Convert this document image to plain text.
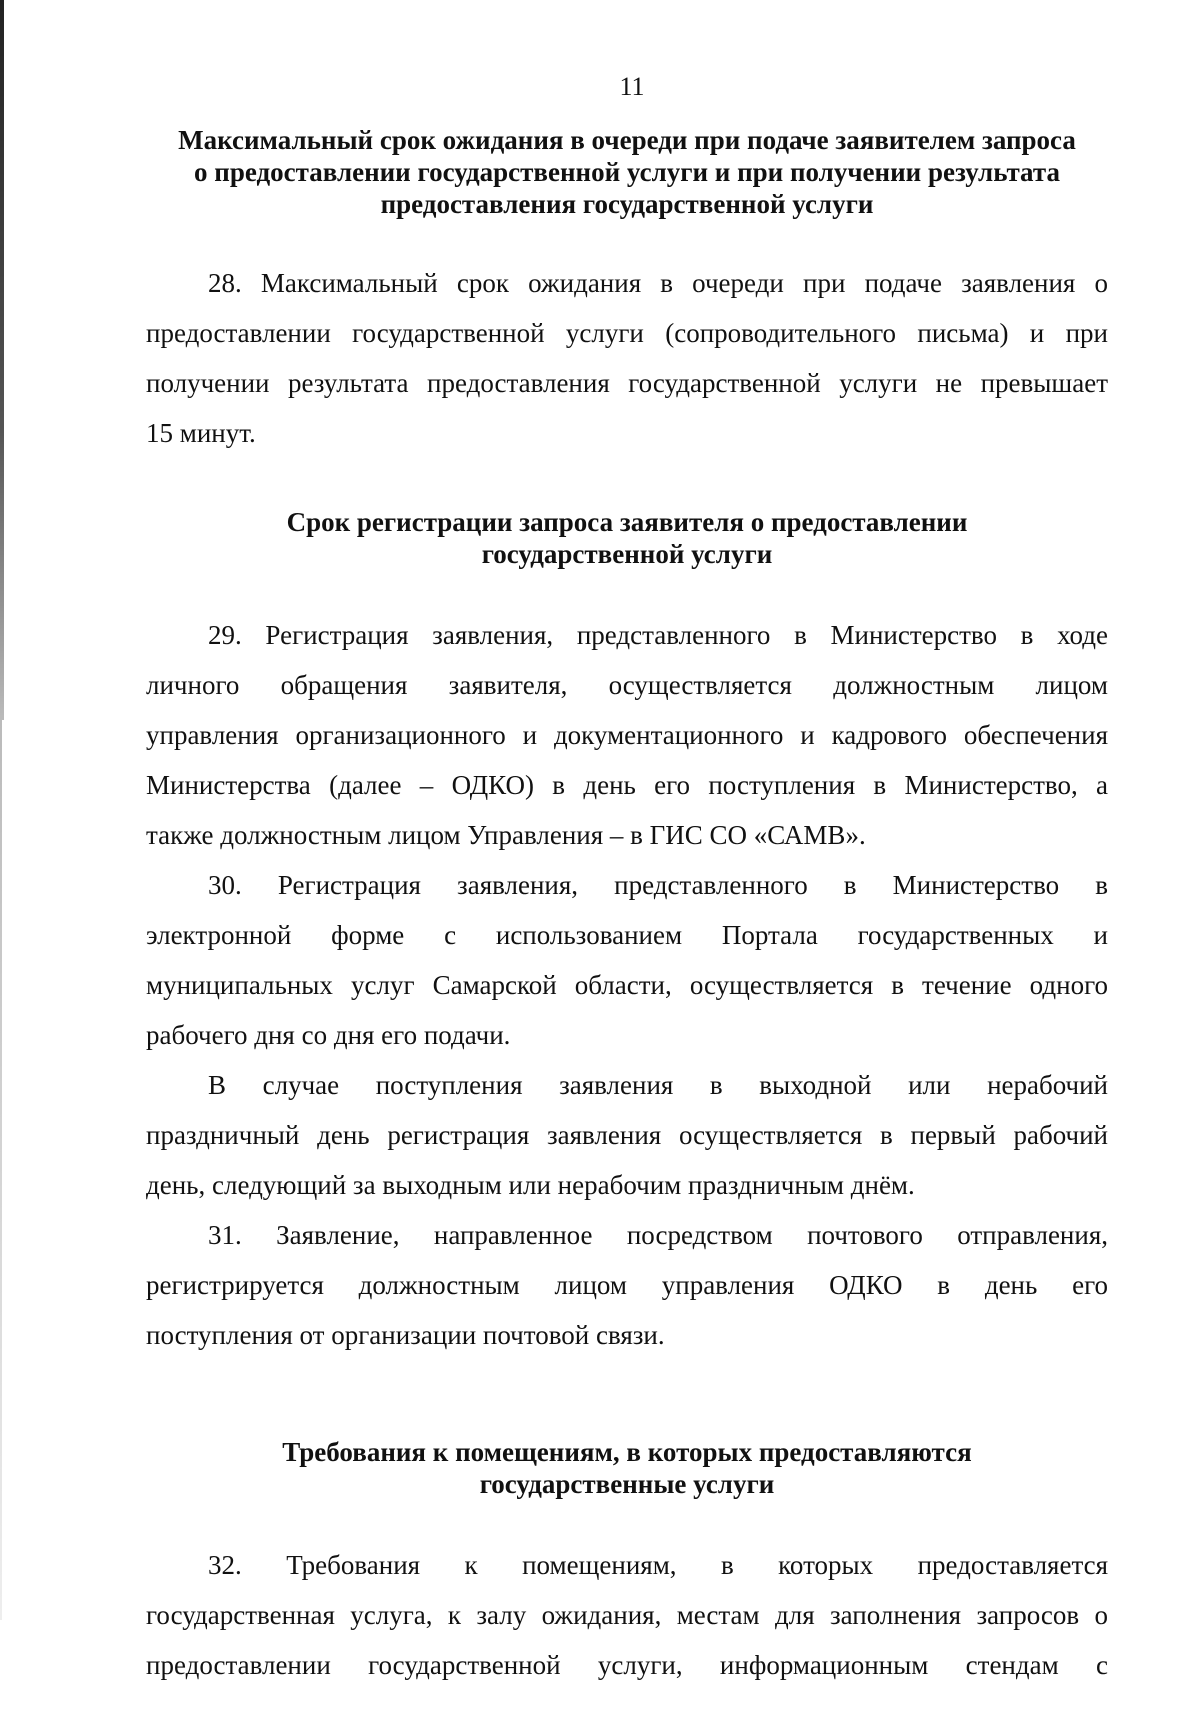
11
Максимальный срок ожидания в очереди при подаче заявителем запроса
о предоставлении государственной услуги и при получении результата
предоставления государственной услуги
28. Максимальный срок ожидания в очереди при подаче заявления о
предоставлении государственной услуги (сопроводительного письма) и при
получении результата предоставления государственной услуги не превышает
15 минут.
Срок регистрации запроса заявителя о предоставлении
государственной услуги
29. Регистрация заявления, представленного в Министерство в ходе
личного обращения заявителя, осуществляется должностным лицом
управления организационного и документационного и кадрового обеспечения
Министерства (далее – ОДКО) в день его поступления в Министерство, а
также должностным лицом Управления – в ГИС СО «САМВ».
30. Регистрация заявления, представленного в Министерство в
электронной форме с использованием Портала государственных и
муниципальных услуг Самарской области, осуществляется в течение одного
рабочего дня со дня его подачи.
В случае поступления заявления в выходной или нерабочий
праздничный день регистрация заявления осуществляется в первый рабочий
день, следующий за выходным или нерабочим праздничным днём.
31. Заявление, направленное посредством почтового отправления,
регистрируется должностным лицом управления ОДКО в день его
поступления от организации почтовой связи.
Требования к помещениям, в которых предоставляются
государственные услуги
32. Требования к помещениям, в которых предоставляется
государственная услуга, к залу ожидания, местам для заполнения запросов о
предоставлении государственной услуги, информационным стендам с
